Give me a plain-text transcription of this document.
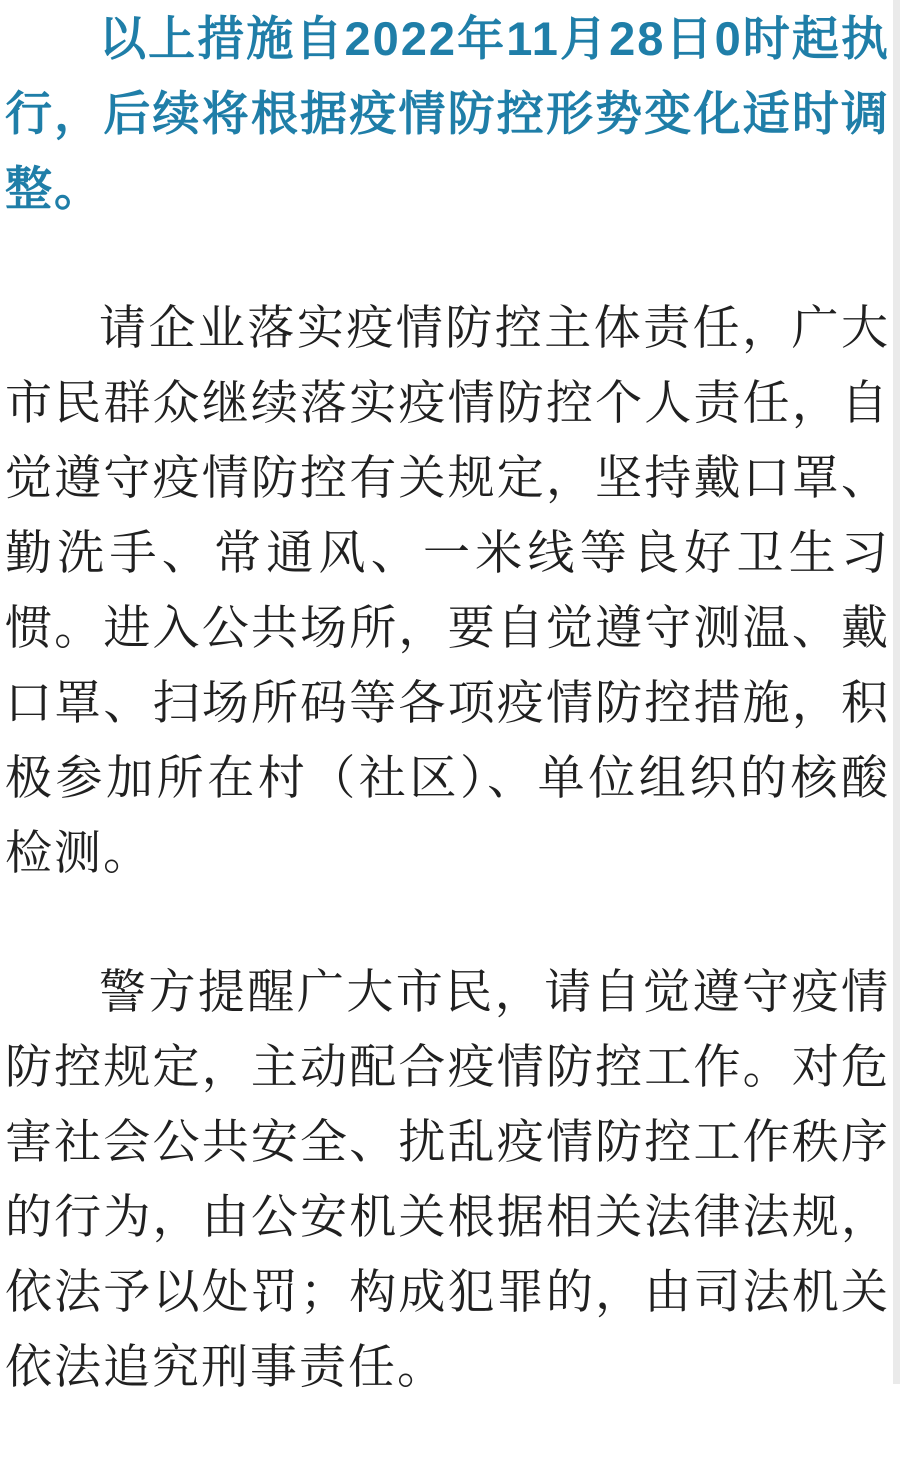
以上措施自2022年11月28日0时起执行，后续将根据疫情防控形势变化适时调整。

请企业落实疫情防控主体责任，广大市民群众继续落实疫情防控个人责任，自觉遵守疫情防控有关规定，坚持戴口罩、勤洗手、常通风、一米线等良好卫生习惯。进入公共场所，要自觉遵守测温、戴口罩、扫场所码等各项疫情防控措施，积极参加所在村（社区）、单位组织的核酸检测。

警方提醒广大市民，请自觉遵守疫情防控规定，主动配合疫情防控工作。对危害社会公共安全、扰乱疫情防控工作秩序的行为，由公安机关根据相关法律法规，依法予以处罚；构成犯罪的，由司法机关依法追究刑事责任。
